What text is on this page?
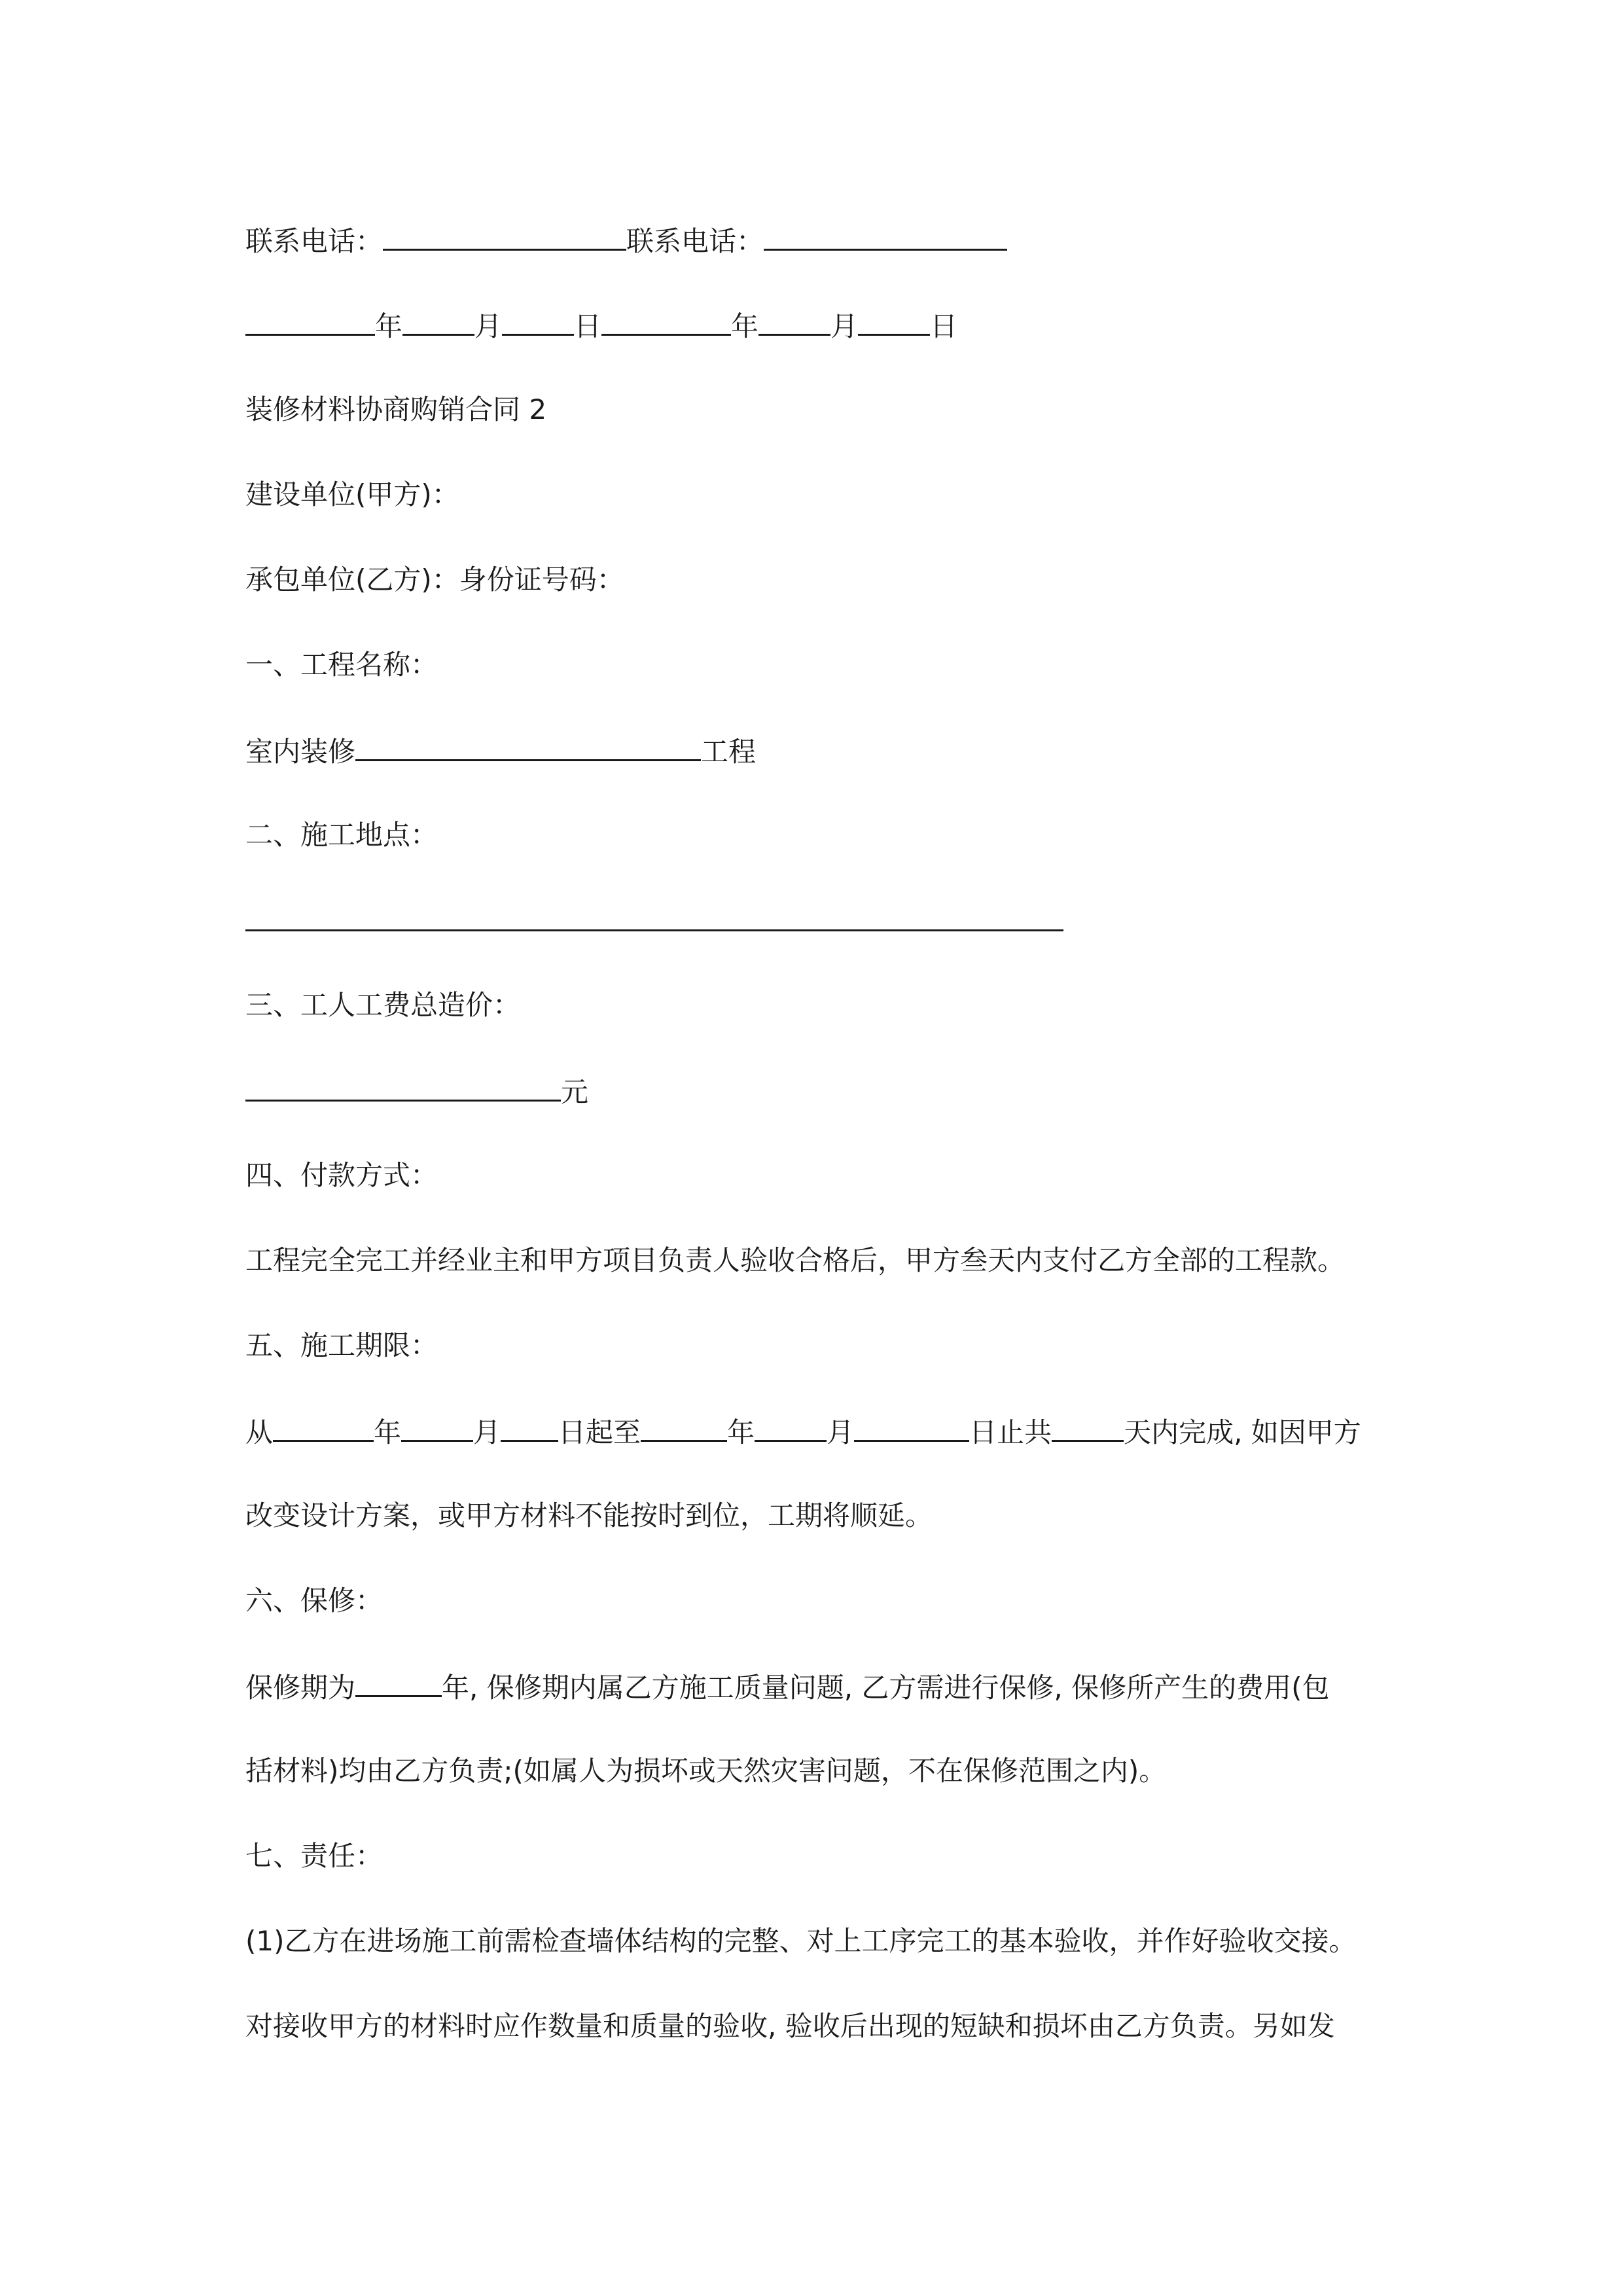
联系电话：	联系电话：
年	月	日	年	月	日
装修材料协商购销合同 2
建设单位(甲方)：
承包单位(乙方)：身份证号码：
一、工程名称：
室内装修	工程
二、施工地点：
三、工人工费总造价：
元
四、付款方式：
工程完全完工并经业主和甲方项目负责人验收合格后，甲方叁天内支付乙方全部的工程款。
五、施工期限：
从	年	月 日起至	年	月	日止共	天内完成, 如因甲方
改变设计方案，或甲方材料不能按时到位，工期将顺延。
六、保修：
保修期为	年, 保修期内属乙方施工质量问题, 乙方需进行保修, 保修所产生的费用(包
括材料)均由乙方负责;(如属人为损坏或天然灾害问题，不在保修范围之内)。
七、责任：
(1)乙方在进场施工前需检查墙体结构的完整、对上工序完工的基本验收，并作好验收交接。
对接收甲方的材料时应作数量和质量的验收, 验收后出现的短缺和损坏由乙方负责。另如发
